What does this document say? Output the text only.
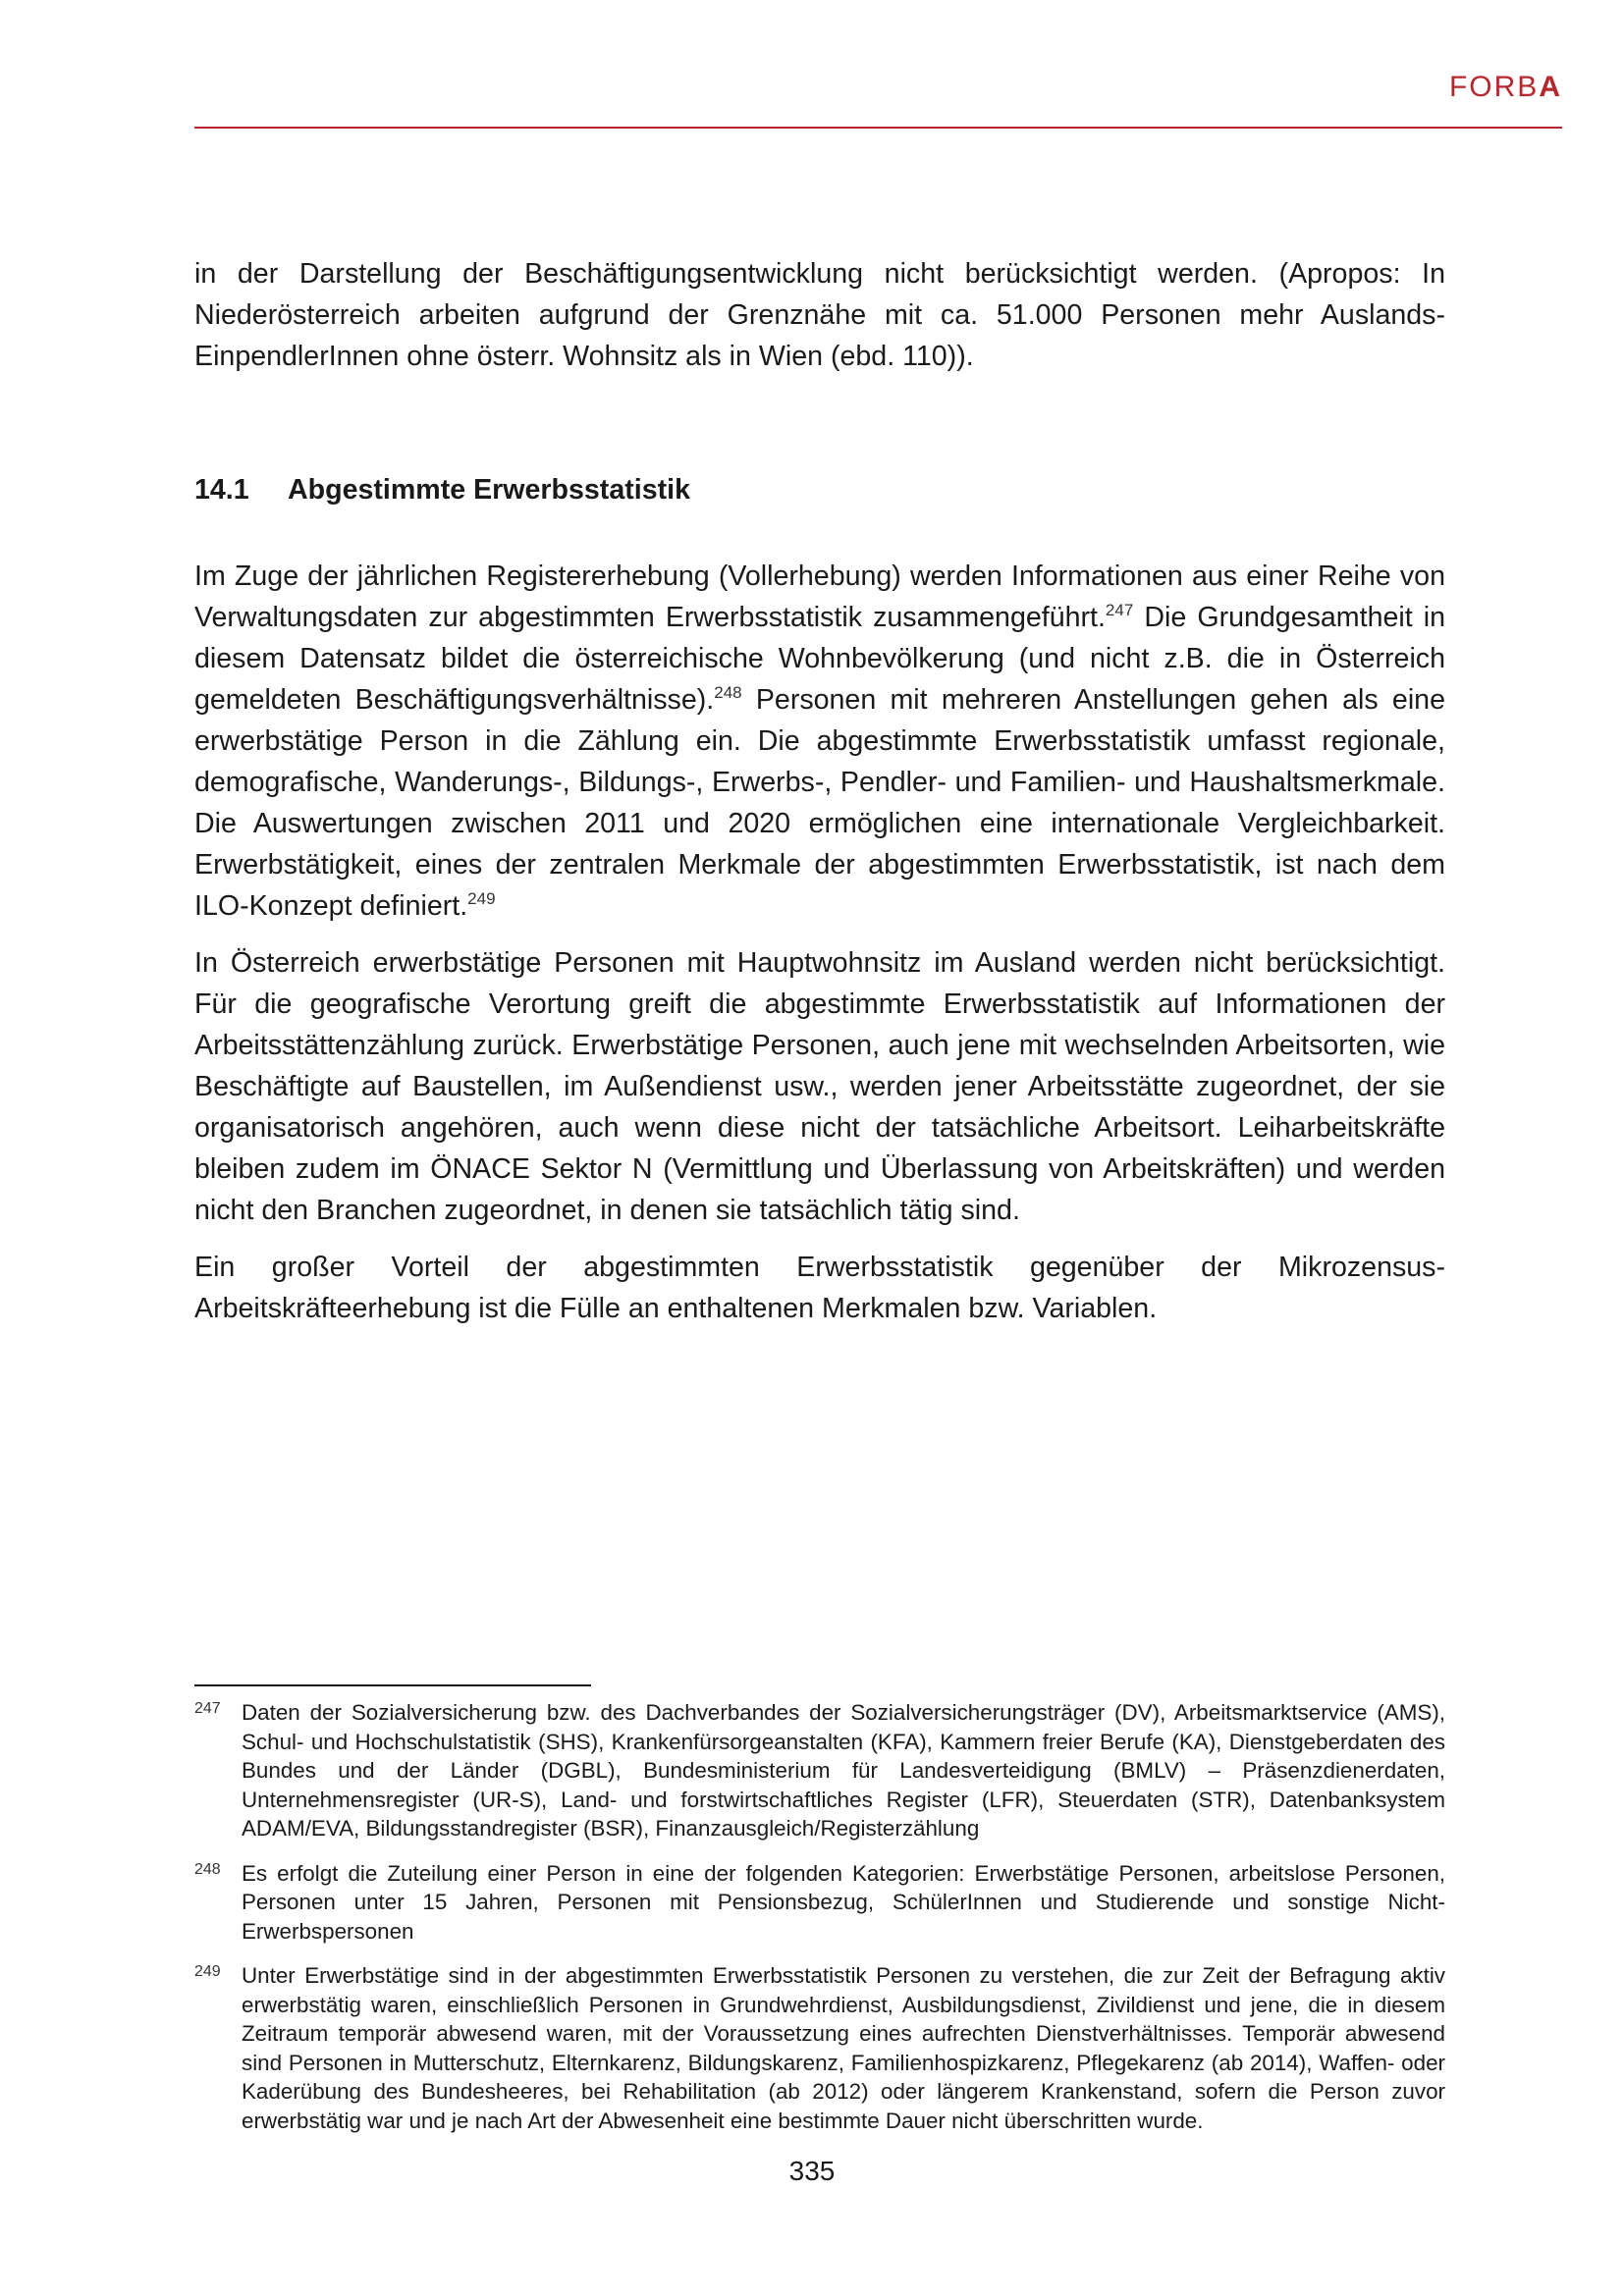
FORBA

in der Darstellung der Beschäftigungsentwicklung nicht berücksichtigt werden. (Apropos: In Niederösterreich arbeiten aufgrund der Grenznähe mit ca. 51.000 Personen mehr Auslands-EinpendlerInnen ohne österr. Wohnsitz als in Wien (ebd. 110)).

14.1 Abgestimmte Erwerbsstatistik

Im Zuge der jährlichen Registererhebung (Vollerhebung) werden Informationen aus einer Reihe von Verwaltungsdaten zur abgestimmten Erwerbsstatistik zusammengeführt.$^{247}$ Die Grundgesamtheit in diesem Datensatz bildet die österreichische Wohnbevölkerung (und nicht z.B. die in Österreich gemeldeten Beschäftigungsverhältnisse).$^{248}$ Personen mit mehreren Anstellungen gehen als eine erwerbstätige Person in die Zählung ein. Die abgestimmte Erwerbsstatistik umfasst regionale, demografische, Wanderungs-, Bildungs-, Erwerbs-, Pendler- und Familien- und Haushaltsmerkmale. Die Auswertungen zwischen 2011 und 2020 ermöglichen eine internationale Vergleichbarkeit. Erwerbstätigkeit, eines der zentralen Merkmale der abgestimmten Erwerbsstatistik, ist nach dem ILO-Konzept definiert.$^{249}$

In Österreich erwerbstätige Personen mit Hauptwohnsitz im Ausland werden nicht berücksichtigt. Für die geografische Verortung greift die abgestimmte Erwerbsstatistik auf Informationen der Arbeitsstättenzählung zurück. Erwerbstätige Personen, auch jene mit wechselnden Arbeitsorten, wie Beschäftigte auf Baustellen, im Außendienst usw., werden jener Arbeitsstätte zugeordnet, der sie organisatorisch angehören, auch wenn diese nicht der tatsächliche Arbeitsort. Leiharbeitskräfte bleiben zudem im ÖNACE Sektor N (Vermittlung und Überlassung von Arbeitskräften) und werden nicht den Branchen zugeordnet, in denen sie tatsächlich tätig sind.

Ein großer Vorteil der abgestimmten Erwerbsstatistik gegenüber der Mikrozensus-Arbeitskräfteerhebung ist die Fülle an enthaltenen Merkmalen bzw. Variablen.

247 Daten der Sozialversicherung bzw. des Dachverbandes der Sozialversicherungsträger (DV), Arbeitsmarktservice (AMS), Schul- und Hochschulstatistik (SHS), Krankenfürsorgeanstalten (KFA), Kammern freier Berufe (KA), Dienstgeberdaten des Bundes und der Länder (DGBL), Bundesministerium für Landesverteidigung (BMLV) – Präsenzdienerdaten, Unternehmensregister (UR-S), Land- und forstwirtschaftliches Register (LFR), Steuerdaten (STR), Datenbanksystem ADAM/EVA, Bildungsstandregister (BSR), Finanzausgleich/Registerzählung
248 Es erfolgt die Zuteilung einer Person in eine der folgenden Kategorien: Erwerbstätige Personen, arbeitslose Personen, Personen unter 15 Jahren, Personen mit Pensionsbezug, SchülerInnen und Studierende und sonstige Nicht-Erwerbspersonen
249 Unter Erwerbstätige sind in der abgestimmten Erwerbsstatistik Personen zu verstehen, die zur Zeit der Befragung aktiv erwerbstätig waren, einschließlich Personen in Grundwehrdienst, Ausbildungsdienst, Zivildienst und jene, die in diesem Zeitraum temporär abwesend waren, mit der Voraussetzung eines aufrechten Dienstverhältnisses. Temporär abwesend sind Personen in Mutterschutz, Elternkarenz, Bildungskarenz, Familienhospizkarenz, Pflegekarenz (ab 2014), Waffen- oder Kaderübung des Bundesheeres, bei Rehabilitation (ab 2012) oder längerem Krankenstand, sofern die Person zuvor erwerbstätig war und je nach Art der Abwesenheit eine bestimmte Dauer nicht überschritten wurde.
335
